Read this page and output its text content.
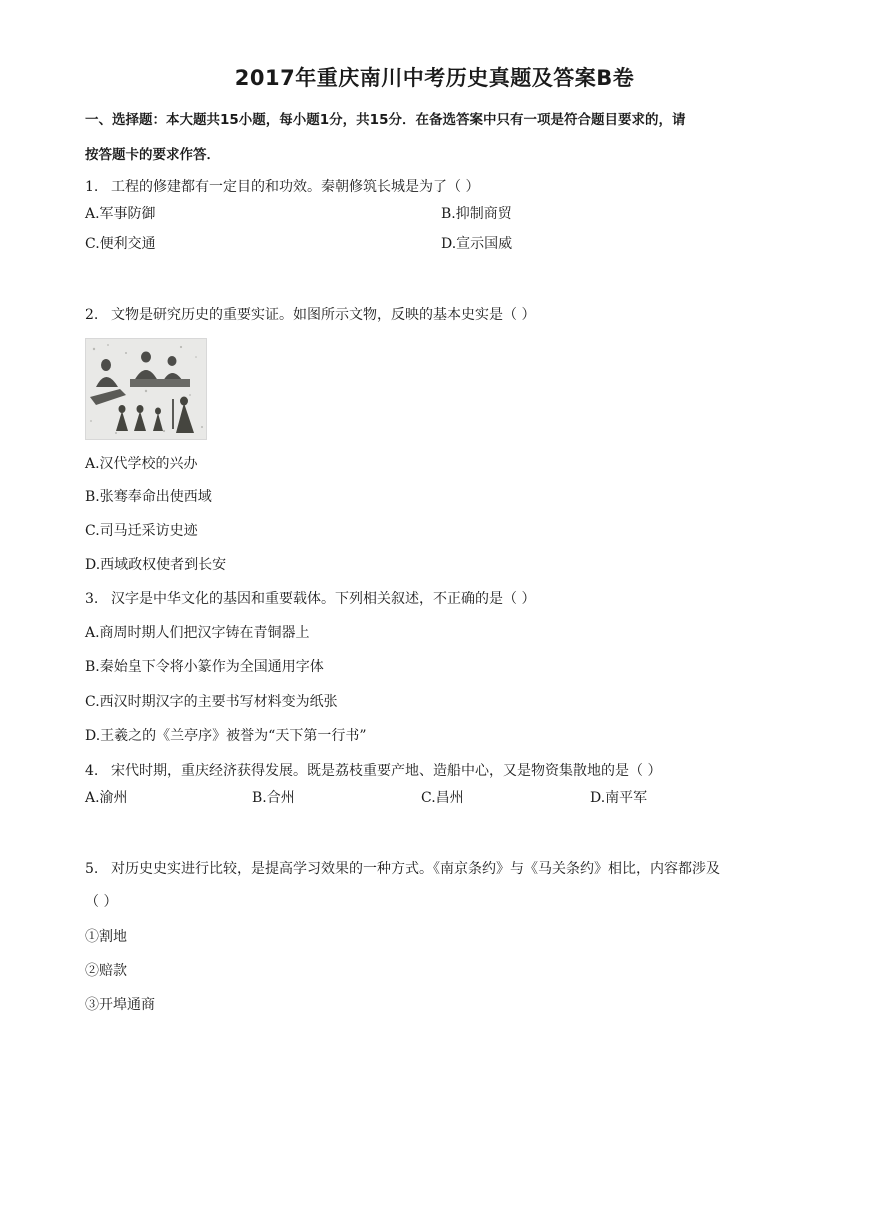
2017年重庆南川中考历史真题及答案B卷
一、选择题：本大题共15小题，每小题1分，共15分．在备选答案中只有一项是符合题目要求的，请
按答题卡的要求作答．
1. 工程的修建都有一定目的和功效。秦朝修筑长城是为了（ ）
A.军事防御	B.抑制商贸
C.便利交通	D.宣示国威
2. 文物是研究历史的重要实证。如图所示文物，反映的基本史实是（ ）
A.汉代学校的兴办
B.张骞奉命出使西域
C.司马迁采访史迹
D.西域政权使者到长安
3. 汉字是中华文化的基因和重要载体。下列相关叙述，不正确的是（ ）
A.商周时期人们把汉字铸在青铜器上
B.秦始皇下令将小篆作为全国通用字体
C.西汉时期汉字的主要书写材料变为纸张
D.王羲之的《兰亭序》被誉为“天下第一行书”
4. 宋代时期，重庆经济获得发展。既是荔枝重要产地、造船中心，又是物资集散地的是（ ）
A.渝州	B.合州	C.昌州	D.南平军
5. 对历史史实进行比较，是提高学习效果的一种方式。《南京条约》与《马关条约》相比，内容都涉及
（ ）
①割地
②赔款
③开埠通商
